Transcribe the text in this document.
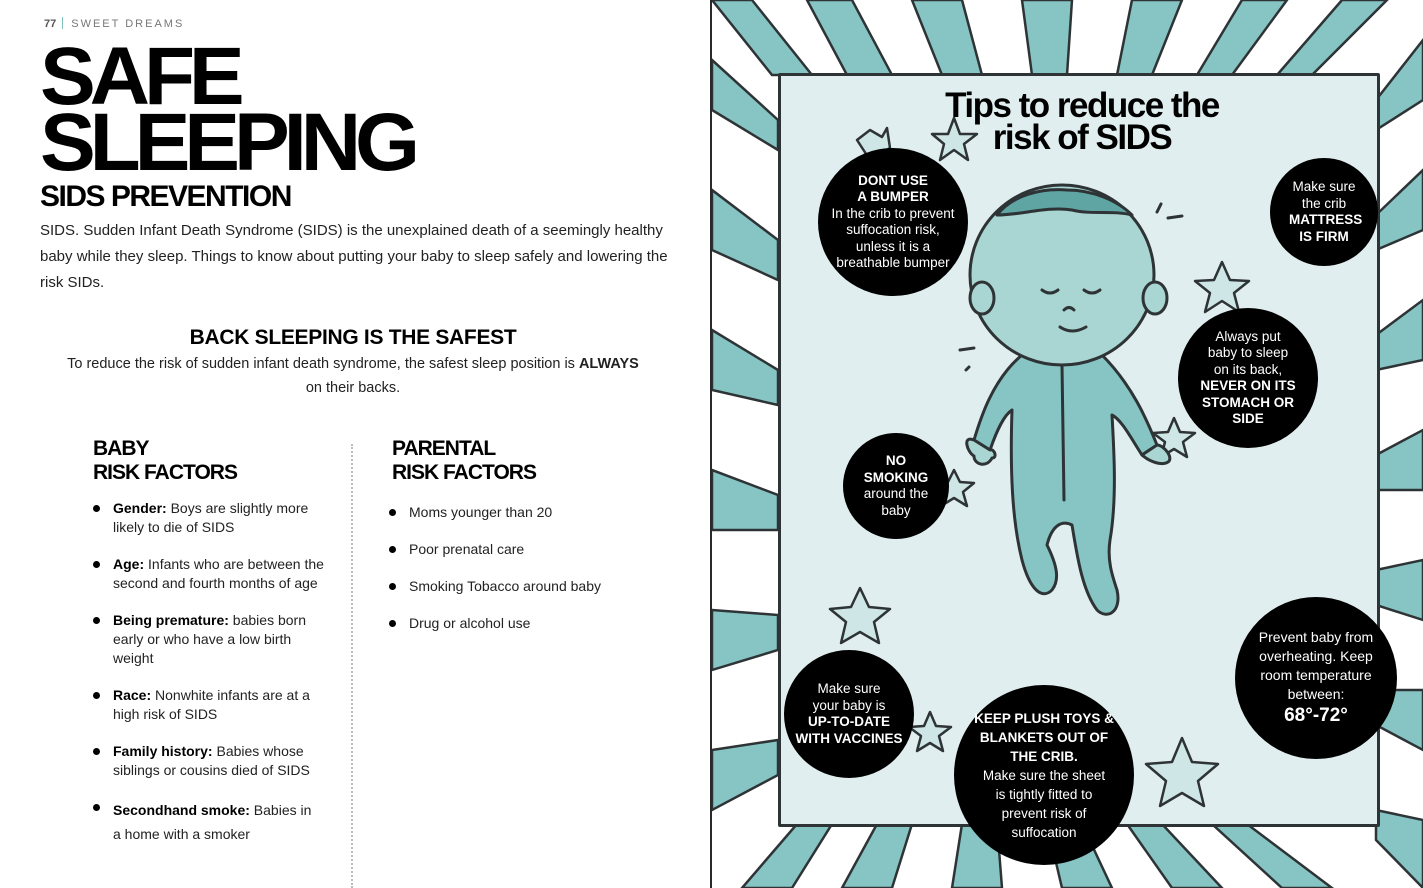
77 SWEET DREAMS
SAFE
SLEEPING
SIDS PREVENTION
SIDS. Sudden Infant Death Syndrome (SIDS) is the unexplained death of a seemingly healthy baby while they sleep. Things to know about putting your baby to sleep safely and lowering the risk SIDs.
BACK SLEEPING IS THE SAFEST
To reduce the risk of sudden infant death syndrome, the safest sleep position is ALWAYS on their backs.
BABY
RISK FACTORS
PARENTAL
RISK FACTORS
Gender: Boys are slightly more likely to die of SIDS
Age: Infants who are between the second and fourth months of age
Being premature: babies born early or who have a low birth weight
Race: Nonwhite infants are at a high risk of SIDS
Family history: Babies whose siblings or cousins died of SIDS
Secondhand smoke: Babies in a home with a smoker
Moms younger than 20
Poor prenatal care
Smoking Tobacco around baby
Drug or alcohol use
Tips to reduce the
risk of SIDS
DONT USE
A BUMPER
In the crib to prevent suffocation risk, unless it is a breathable bumper
Make sure the crib
MATTRESS IS FIRM
Always put baby to sleep on its back,
NEVER ON ITS STOMACH OR SIDE
NO SMOKING
around the baby
Make sure your baby is
UP-TO-DATE WITH VACCINES
KEEP PLUSH TOYS & BLANKETS OUT OF THE CRIB.
Make sure the sheet is tightly fitted to prevent risk of suffocation
Prevent baby from overheating. Keep room temperature between:
68°-72°
